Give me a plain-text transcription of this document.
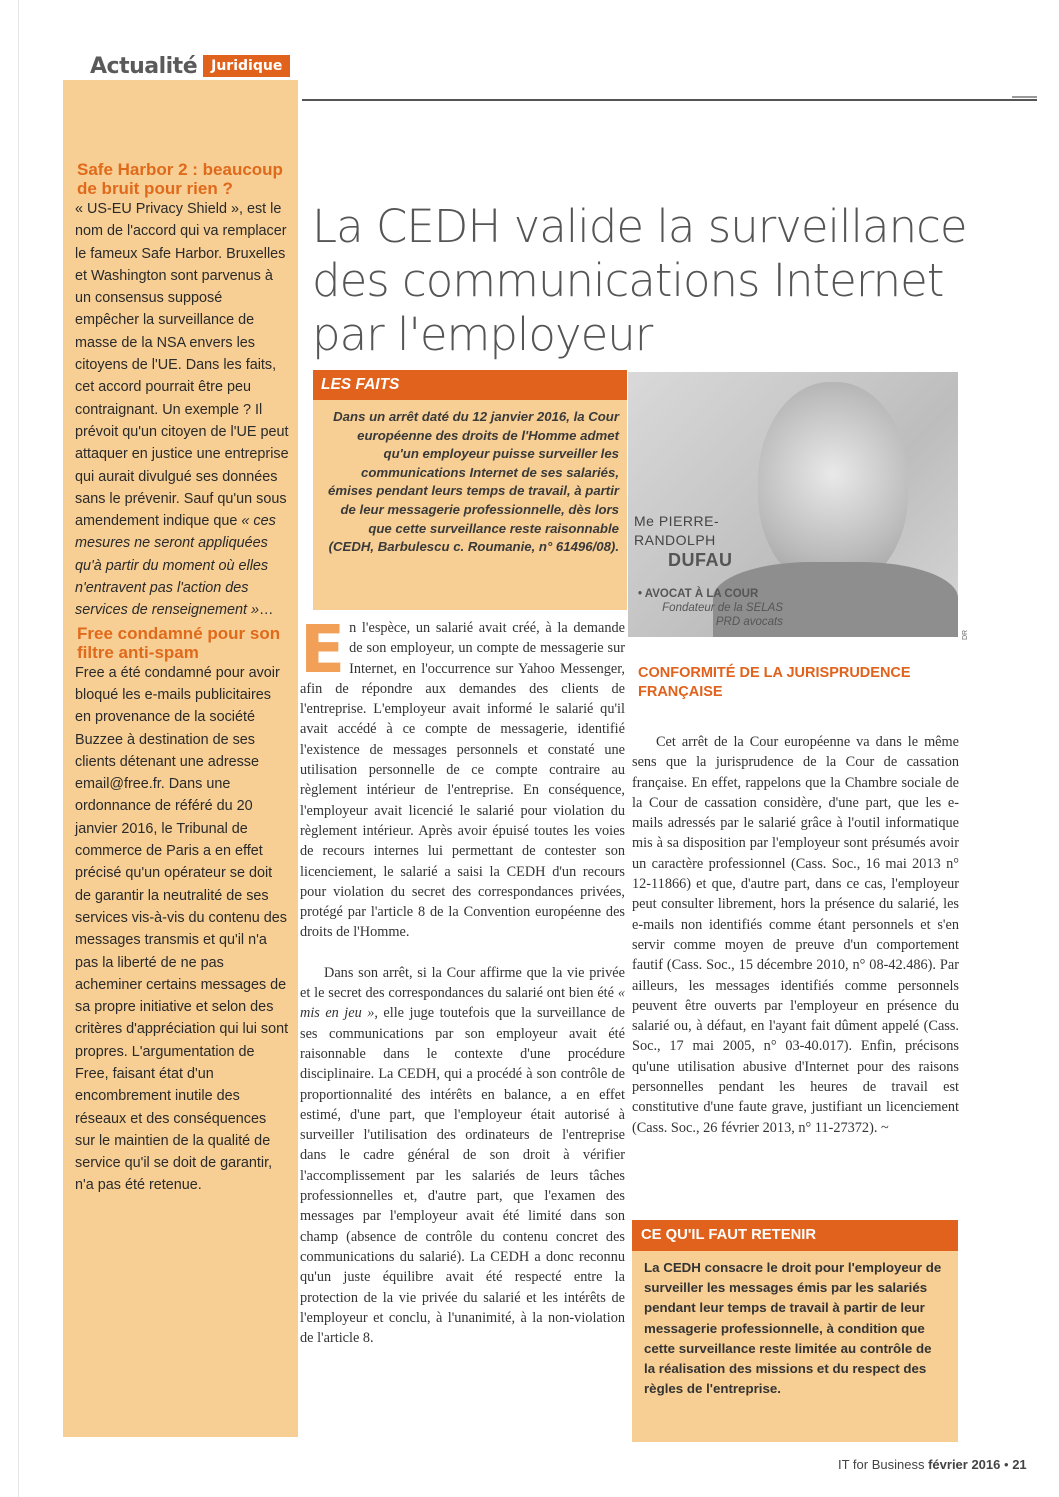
Actualité	Juridique
Safe Harbor 2 : beaucoup de bruit pour rien ?

« US-EU Privacy Shield », est le nom de l'accord qui va remplacer le fameux Safe Harbor. Bruxelles et Washington sont parvenus à un consensus supposé empêcher la surveillance de masse de la NSA envers les citoyens de l'UE. Dans les faits, cet accord pourrait être peu contraignant. Un exemple ? Il prévoit qu'un citoyen de l'UE peut attaquer en justice une entreprise qui aurait divulgué ses données sans le prévenir. Sauf qu'un sous amendement indique que « ces mesures ne seront appliquées qu'à partir du moment où elles n'entravent pas l'action des services de renseignement »…

Free condamné pour son filtre anti-spam

Free a été condamné pour avoir bloqué les e-mails publicitaires en provenance de la société Buzzee à destination de ses clients détenant une adresse email@free.fr. Dans une ordonnance de référé du 20 janvier 2016, le Tribunal de commerce de Paris a en effet précisé qu'un opérateur se doit de garantir la neutralité de ses services vis-à-vis du contenu des messages transmis et qu'il n'a pas la liberté de ne pas acheminer certains messages de sa propre initiative et selon des critères d'appréciation qui lui sont propres. L'argumentation de Free, faisant état d'un encombrement inutile des réseaux et des conséquences sur le maintien de la qualité de service qu'il se doit de garantir, n'a pas été retenue.

La CEDH valide la surveillance des communications Internet par l'employeur
LES FAITS
Dans un arrêt daté du 12 janvier 2016, la Cour européenne des droits de l'Homme admet qu'un employeur puisse surveiller les communications Internet de ses salariés, émises pendant leurs temps de travail, à partir de leur messagerie professionnelle, dès lors que cette surveillance reste raisonnable (CEDH, Barbulescu c. Roumanie, n° 61496/08).
Me PIERRE-
RANDOLPH
DUFAU
• AVOCAT À LA COUR
Fondateur de la SELAS PRD avocats
DR

En l'espèce, un salarié avait créé, à la demande de son employeur, un compte de messagerie sur Internet, en l'occurrence sur Yahoo Messenger, afin de répondre aux demandes des clients de l'entreprise. L'employeur avait informé le salarié qu'il avait accédé à ce compte de messagerie, identifié l'existence de messages personnels et constaté une utilisation personnelle de ce compte contraire au règlement intérieur de l'entreprise. En conséquence, l'employeur avait licencié le salarié pour violation du règlement intérieur. Après avoir épuisé toutes les voies de recours internes lui permettant de contester son licenciement, le salarié a saisi la CEDH d'un recours pour violation du secret des correspondances privées, protégé par l'article 8 de la Convention européenne des droits de l'Homme.

Dans son arrêt, si la Cour affirme que la vie privée et le secret des correspondances du salarié ont bien été « mis en jeu », elle juge toutefois que la surveillance de ses communications par son employeur avait été raisonnable dans le contexte d'une procédure disciplinaire. La CEDH, qui a procédé à son contrôle de proportionnalité des intérêts en balance, a en effet estimé, d'une part, que l'employeur était autorisé à surveiller l'utilisation des ordinateurs de l'entreprise dans le cadre général de son droit à vérifier l'accomplissement par les salariés de leurs tâches professionnelles et, d'autre part, que l'examen des messages par l'employeur avait été limité dans son champ (absence de contrôle du contenu concret des communications du salarié). La CEDH a donc reconnu qu'un juste équilibre avait été respecté entre la protection de la vie privée du salarié et les intérêts de l'employeur et conclu, à l'unanimité, à la non-violation de l'article 8.

CONFORMITÉ DE LA JURISPRUDENCE FRANÇAISE

Cet arrêt de la Cour européenne va dans le même sens que la jurisprudence de la Cour de cassation française. En effet, rappelons que la Chambre sociale de la Cour de cassation considère, d'une part, que les e-mails adressés par le salarié grâce à l'outil informatique mis à sa disposition par l'employeur sont présumés avoir un caractère professionnel (Cass. Soc., 16 mai 2013 n° 12-11866) et que, d'autre part, dans ce cas, l'employeur peut consulter librement, hors la présence du salarié, les e-mails non identifiés comme étant personnels et s'en servir comme moyen de preuve d'un comportement fautif (Cass. Soc., 15 décembre 2010, n° 08-42.486). Par ailleurs, les messages identifiés comme personnels peuvent être ouverts par l'employeur en présence du salarié ou, à défaut, en l'ayant fait dûment appelé (Cass. Soc., 17 mai 2005, n° 03-40.017). Enfin, précisons qu'une utilisation abusive d'Internet pour des raisons personnelles pendant les heures de travail est constitutive d'une faute grave, justifiant un licenciement (Cass. Soc., 26 février 2013, n° 11-27372). ~

CE QU'IL FAUT RETENIR
La CEDH consacre le droit pour l'employeur de surveiller les messages émis par les salariés pendant leur temps de travail à partir de leur messagerie professionnelle, à condition que cette surveillance reste limitée au contrôle de la réalisation des missions et du respect des règles de l'entreprise.
IT for Business février 2016 • 21
